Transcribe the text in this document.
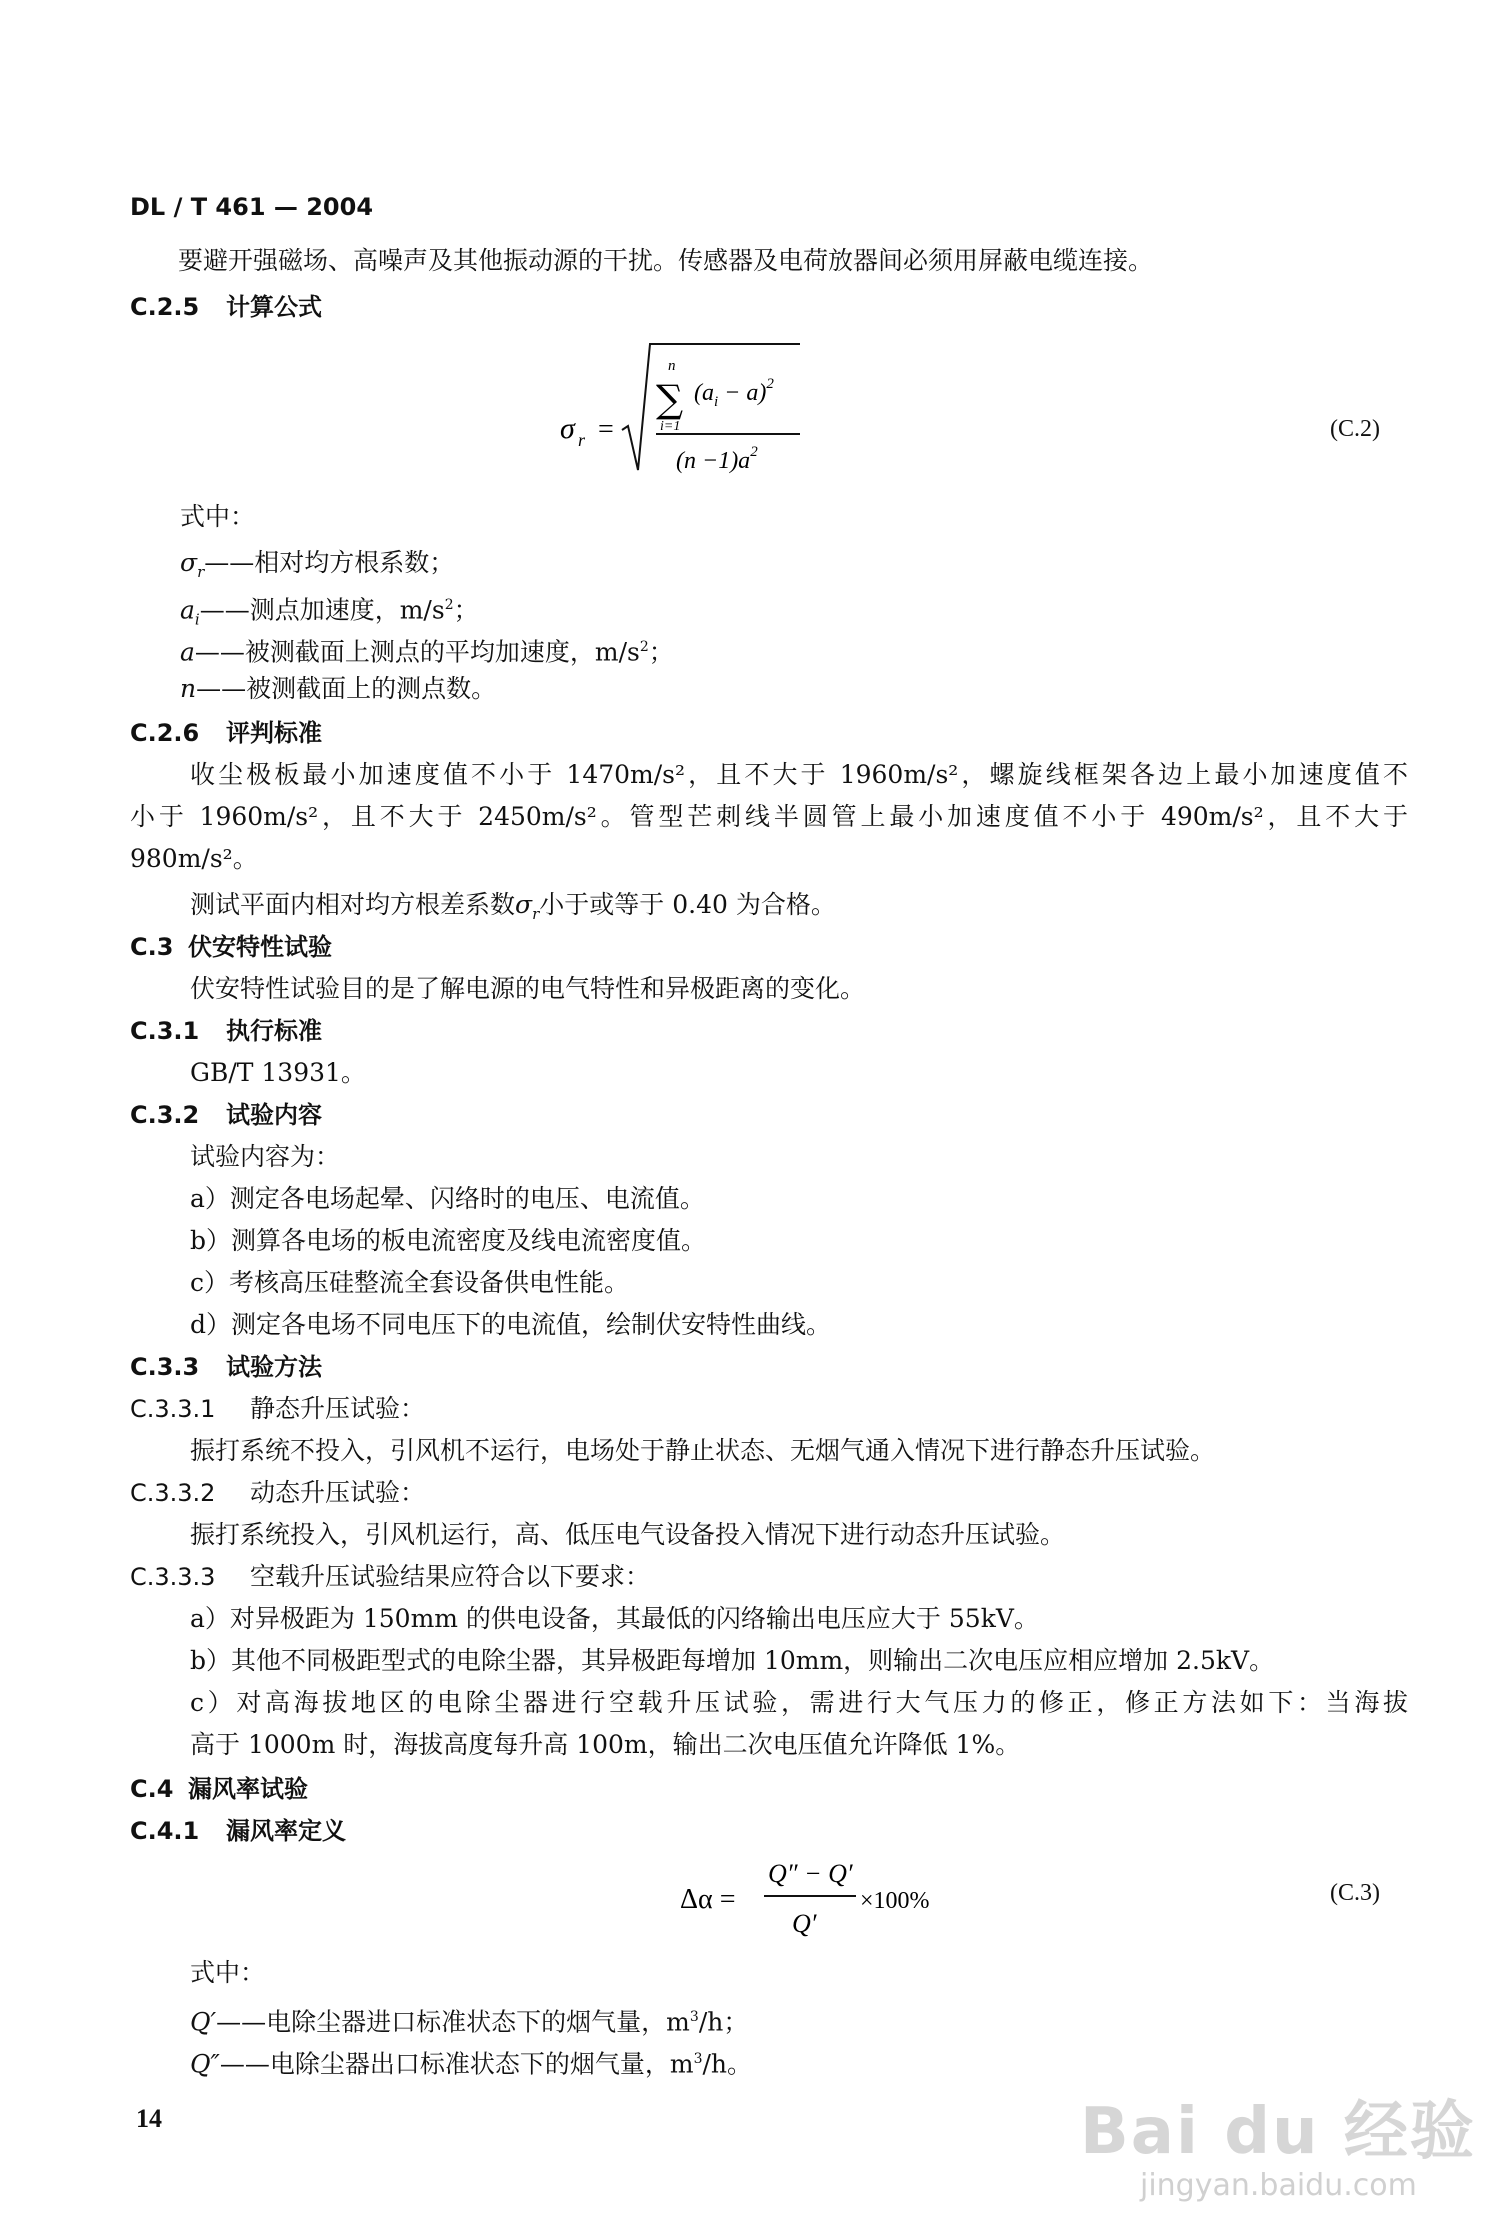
DL / T 461 — 2004
要避开强磁场、高噪声及其他振动源的干扰。传感器及电荷放器间必须用屏蔽电缆连接。
C.2.5 计算公式
σ r =
∑
n
i=1
$(a_i - a)^2$
$(n -1)a^2$
(C.2)
式中：
$\sigma_r——$相对均方根系数；
$a_i——$测点加速度，$m/s^2$；
a——被测截面上测点的平均加速度，$m/s^2$；
n——被测截面上的测点数。
C.2.6 评判标准
收尘极板最小加速度值不小于 1470m/s²，且不大于 1960m/s²，螺旋线框架各边上最小加速度值不
小于 1960m/s²，且不大于 2450m/s²。管型芒刺线半圆管上最小加速度值不小于 490m/s²，且不大于
980m/s²。
测试平面内相对均方根差系数$\sigma_r$小于或等于 0.40 为合格。
C.3 伏安特性试验
伏安特性试验目的是了解电源的电气特性和异极距离的变化。
C.3.1 执行标准
GB/T 13931。
C.3.2 试验内容
试验内容为：
a）测定各电场起晕、闪络时的电压、电流值。
b）测算各电场的板电流密度及线电流密度值。
c）考核高压硅整流全套设备供电性能。
d）测定各电场不同电压下的电流值，绘制伏安特性曲线。
C.3.3 试验方法
C.3.3.1 静态升压试验：
振打系统不投入，引风机不运行，电场处于静止状态、无烟气通入情况下进行静态升压试验。
C.3.3.2 动态升压试验：
振打系统投入，引风机运行，高、低压电气设备投入情况下进行动态升压试验。
C.3.3.3 空载升压试验结果应符合以下要求：
a）对异极距为 150mm 的供电设备，其最低的闪络输出电压应大于 55kV。
b）其他不同极距型式的电除尘器，其异极距每增加 10mm，则输出二次电压应相应增加 2.5kV。
c）对高海拔地区的电除尘器进行空载升压试验，需进行大气压力的修正，修正方法如下：当海拔
高于 1000m 时，海拔高度每升高 100m，输出二次电压值允许降低 1%。
C.4 漏风率试验
C.4.1 漏风率定义
Δα =
Q″ − Q′
Q′
×100%	(C.3)
式中：
Q′——电除尘器进口标准状态下的烟气量，$m^3/h$；
Q″——电除尘器出口标准状态下的烟气量，$m^3/h$。
14	Bai du 经验
jingyan.baidu.com
